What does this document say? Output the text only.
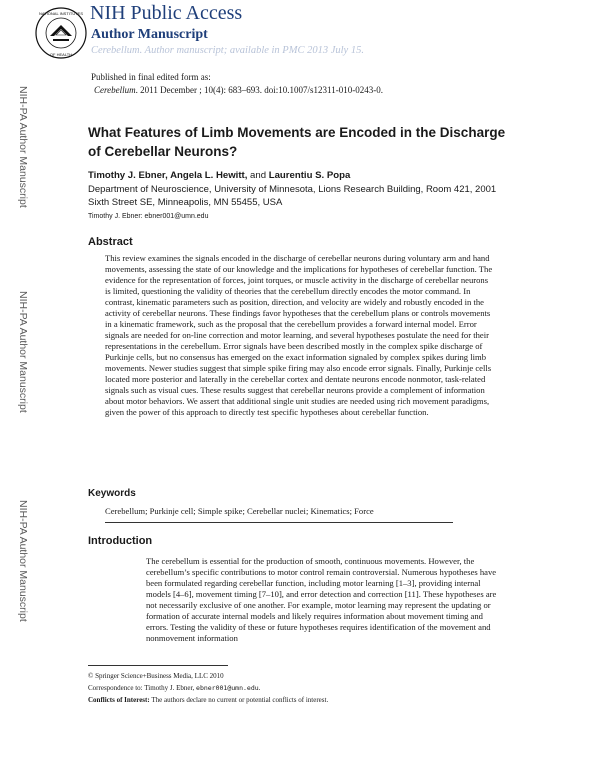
NATIONAL INSTITUTES
OF HEALTH
NIH Public Access
Author Manuscript
Cerebellum. Author manuscript; available in PMC 2013 July 15.
Published in final edited form as:
Cerebellum. 2011 December ; 10(4): 683–693. doi:10.1007/s12311-010-0243-0.
NIH-PA Author Manuscript
NIH-PA Author Manuscript
NIH-PA Author Manuscript
What Features of Limb Movements are Encoded in the Discharge of Cerebellar Neurons?
Timothy J. Ebner, Angela L. Hewitt, and Laurentiu S. Popa
Department of Neuroscience, University of Minnesota, Lions Research Building, Room 421, 2001 Sixth Street SE, Minneapolis, MN 55455, USA
Timothy J. Ebner: ebner001@umn.edu
Abstract

This review examines the signals encoded in the discharge of cerebellar neurons during voluntary arm and hand movements, assessing the state of our knowledge and the implications for hypotheses of cerebellar function. The evidence for the representation of forces, joint torques, or muscle activity in the discharge of cerebellar neurons is limited, questioning the validity of theories that the cerebellum directly encodes the motor command. In contrast, kinematic parameters such as position, direction, and velocity are widely and robustly encoded in the activity of cerebellar neurons. These findings favor hypotheses that the cerebellum plans or controls movements in a kinematic framework, such as the proposal that the cerebellum provides a forward internal model. Error signals are needed for on-line correction and motor learning, and several hypotheses postulate the need for their representations in the cerebellum. Error signals have been described mostly in the complex spike discharge of Purkinje cells, but no consensus has emerged on the exact information signaled by complex spikes during limb movements. Newer studies suggest that simple spike firing may also encode error signals. Finally, Purkinje cells located more posterior and laterally in the cerebellar cortex and dentate neurons encode nonmotor, task-related signals such as visual cues. These results suggest that cerebellar neurons provide a complement of information about motor behaviors. We assert that additional single unit studies are needed using rich movement paradigms, given the power of this approach to directly test specific hypotheses about cerebellar function.

Keywords
Cerebellum; Purkinje cell; Simple spike; Cerebellar nuclei; Kinematics; Force
Introduction

The cerebellum is essential for the production of smooth, continuous movements. However, the cerebellum’s specific contributions to motor control remain controversial. Numerous hypotheses have been formulated regarding cerebellar function, including motor learning [1–3], providing internal models [4–6], movement timing [7–10], and error detection and correction [11]. These hypotheses are not necessarily exclusive of one another. For example, motor learning may represent the updating or formation of accurate internal models and likely requires information about movement timing and errors. Testing the validity of these or future hypotheses requires identification of the movement and nonmovement information

© Springer Science+Business Media, LLC 2010
Correspondence to: Timothy J. Ebner, ebner001@umn.edu.
Conflicts of Interest: The authors declare no current or potential conflicts of interest.
